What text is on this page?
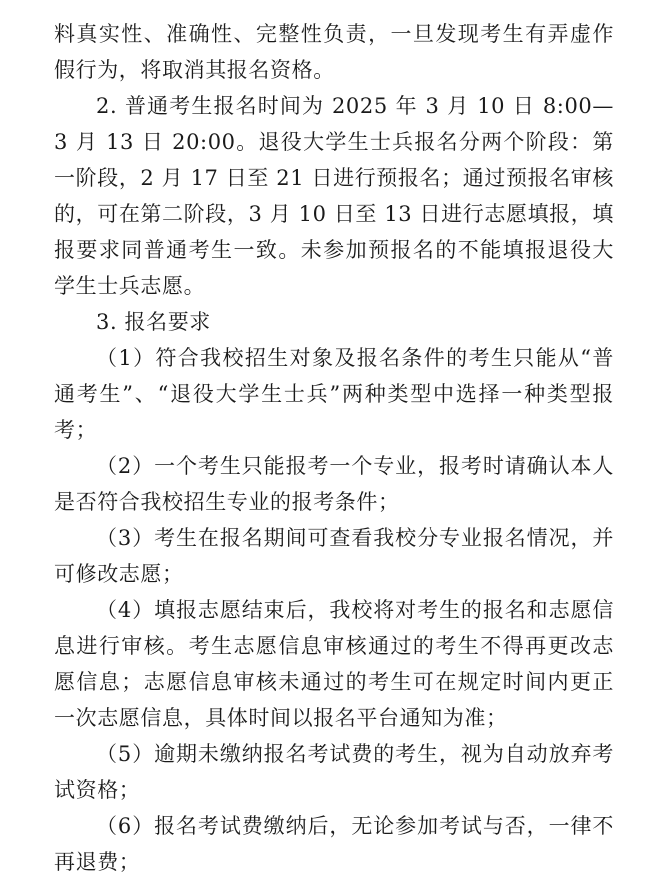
料真实性、准确性、完整性负责，一旦发现考生有弄虚作假行为，将取消其报名资格。

2. 普通考生报名时间为 2025 年 3 月 10 日 8:00—3 月 13 日 20:00。退役大学生士兵报名分两个阶段：第一阶段，2 月 17 日至 21 日进行预报名；通过预报名审核的，可在第二阶段，3 月 10 日至 13 日进行志愿填报，填报要求同普通考生一致。未参加预报名的不能填报退役大学生士兵志愿。

3. 报名要求

（1）符合我校招生对象及报名条件的考生只能从“普通考生”、“退役大学生士兵”两种类型中选择一种类型报考；

（2）一个考生只能报考一个专业，报考时请确认本人是否符合我校招生专业的报考条件；

（3）考生在报名期间可查看我校分专业报名情况，并可修改志愿；

（4）填报志愿结束后，我校将对考生的报名和志愿信息进行审核。考生志愿信息审核通过的考生不得再更改志愿信息；志愿信息审核未通过的考生可在规定时间内更正一次志愿信息，具体时间以报名平台通知为准；

（5）逾期未缴纳报名考试费的考生，视为自动放弃考试资格；

（6）报名考试费缴纳后，无论参加考试与否，一律不再退费；
